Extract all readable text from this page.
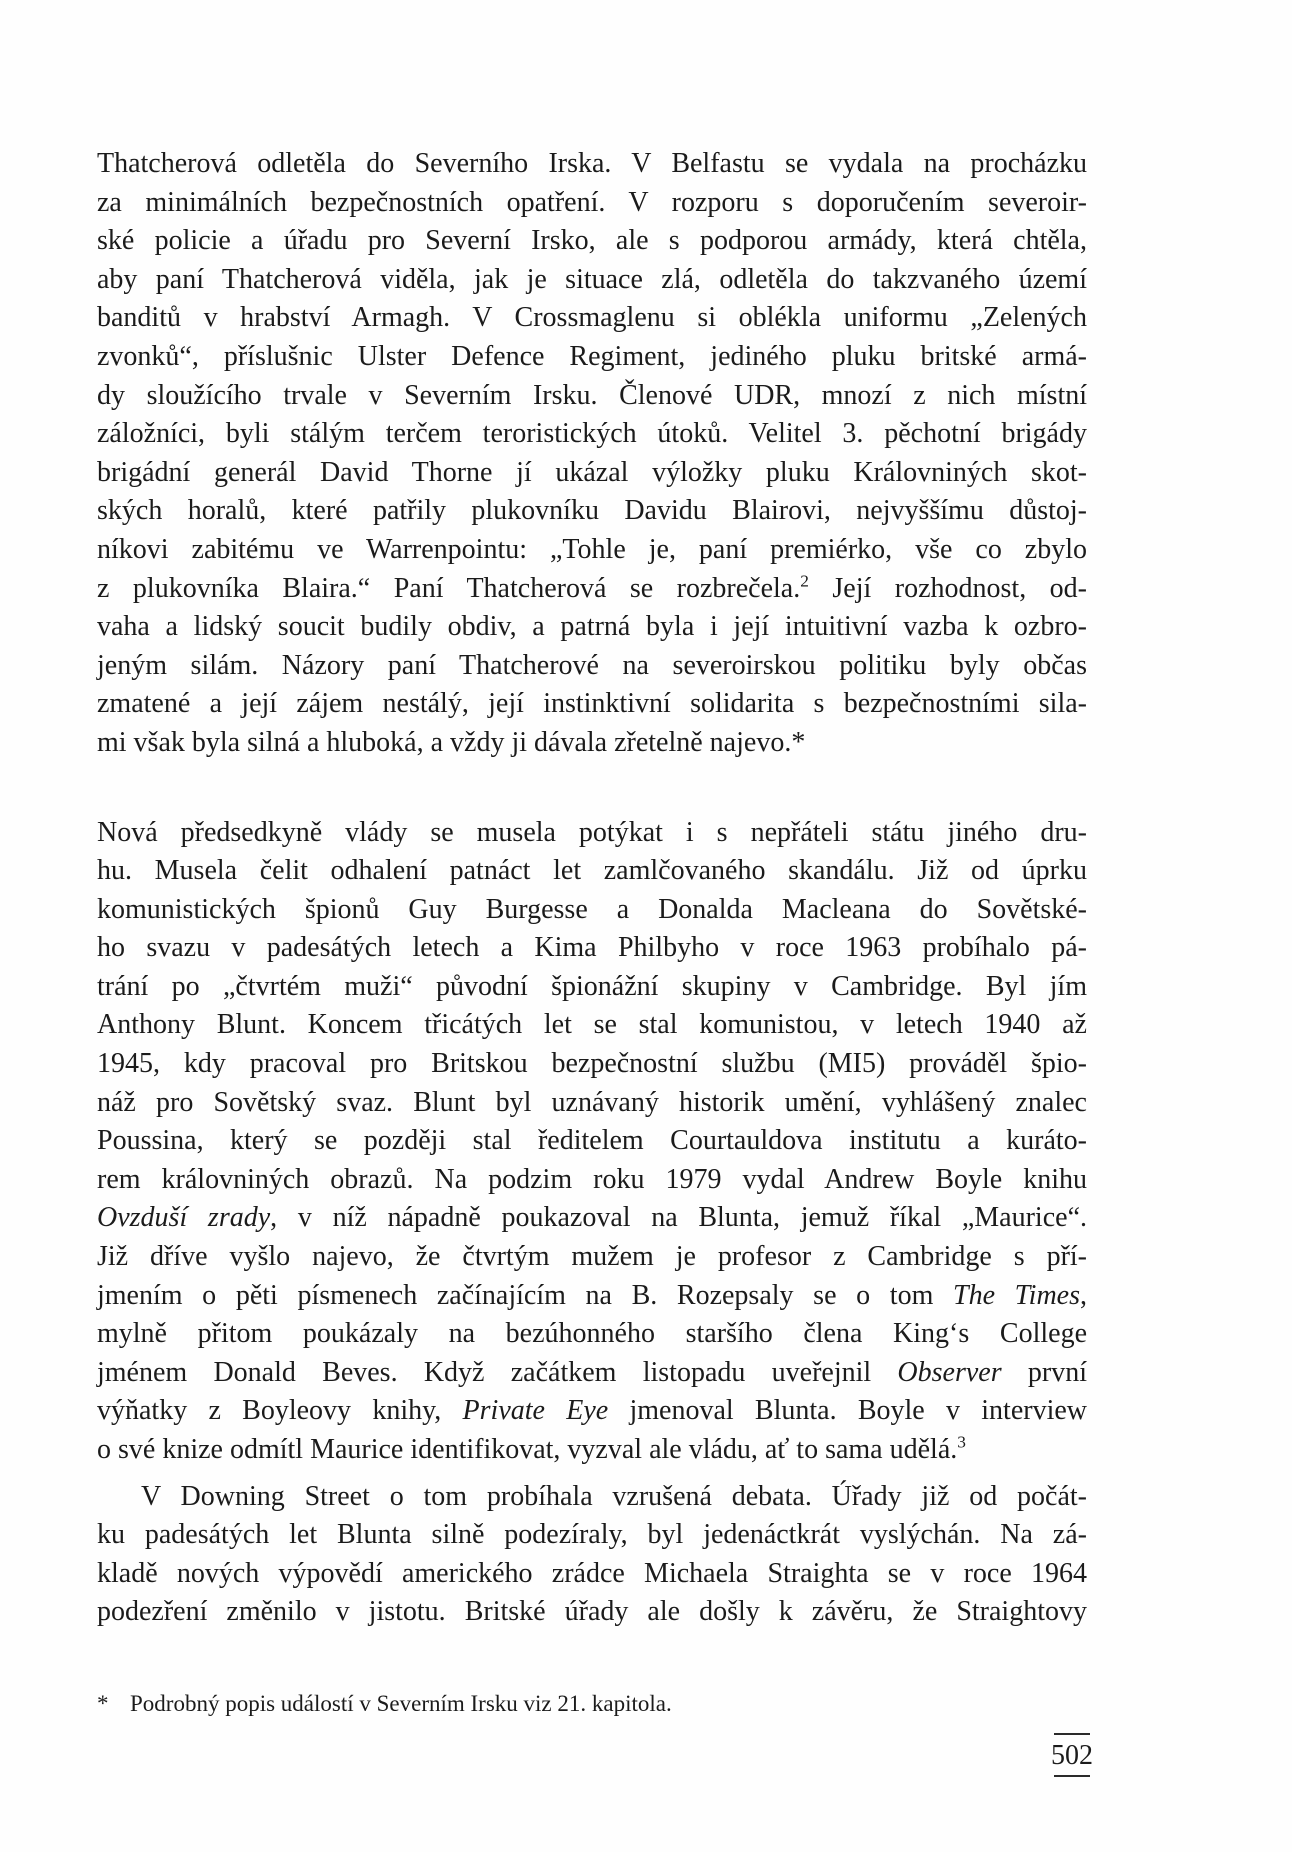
Thatcherová odletěla do Severního Irska. V Belfastu se vydala na procházku
za minimálních bezpečnostních opatření. V rozporu s doporučením severoir-
ské policie a úřadu pro Severní Irsko, ale s podporou armády, která chtěla,
aby paní Thatcherová viděla, jak je situace zlá, odletěla do takzvaného území
banditů v hrabství Armagh. V Crossmaglenu si oblékla uniformu „Zelených
zvonků“, příslušnic Ulster Defence Regiment, jediného pluku britské armá-
dy sloužícího trvale v Severním Irsku. Členové UDR, mnozí z nich místní
záložníci, byli stálým terčem teroristických útoků. Velitel 3. pěchotní brigády
brigádní generál David Thorne jí ukázal výložky pluku Královniných skot-
ských horalů, které patřily plukovníku Davidu Blairovi, nejvyššímu důstoj-
níkovi zabitému ve Warrenpointu: „Tohle je, paní premiérko, vše co zbylo
z plukovníka Blaira.“ Paní Thatcherová se rozbrečela.$^2$ Její rozhodnost, od-
vaha a lidský soucit budily obdiv, a patrná byla i její intuitivní vazba k ozbro-
jeným silám. Názory paní Thatcherové na severoirskou politiku byly občas
zmatené a její zájem nestálý, její instinktivní solidarita s bezpečnostními sila-
mi však byla silná a hluboká, a vždy ji dávala zřetelně najevo.*
Nová předsedkyně vlády se musela potýkat i s nepřáteli státu jiného dru-
hu. Musela čelit odhalení patnáct let zamlčovaného skandálu. Již od úprku
komunistických špionů Guy Burgesse a Donalda Macleana do Sovětské-
ho svazu v padesátých letech a Kima Philbyho v roce 1963 probíhalo pá-
trání po „čtvrtém muži“ původní špionážní skupiny v Cambridge. Byl jím
Anthony Blunt. Koncem třicátých let se stal komunistou, v letech 1940 až
1945, kdy pracoval pro Britskou bezpečnostní službu (MI5) prováděl špio-
náž pro Sovětský svaz. Blunt byl uznávaný historik umění, vyhlášený znalec
Poussina, který se později stal ředitelem Courtauldova institutu a kuráto-
rem královniných obrazů. Na podzim roku 1979 vydal Andrew Boyle knihu
Ovzduší zrady, v níž nápadně poukazoval na Blunta, jemuž říkal „Maurice“.
Již dříve vyšlo najevo, že čtvrtým mužem je profesor z Cambridge s pří-
jmením o pěti písmenech začínajícím na B. Rozepsaly se o tom The Times,
mylně přitom poukázaly na bezúhonného staršího člena King‘s College
jménem Donald Beves. Když začátkem listopadu uveřejnil Observer první
výňatky z Boyleovy knihy, Private Eye jmenoval Blunta. Boyle v interview
o své knize odmítl Maurice identifikovat, vyzval ale vládu, ať to sama udělá.$^3$
V Downing Street o tom probíhala vzrušená debata. Úřady již od počát-
ku padesátých let Blunta silně podezíraly, byl jedenáctkrát vyslýchán. Na zá-
kladě nových výpovědí amerického zrádce Michaela Straighta se v roce 1964
podezření změnilo v jistotu. Britské úřady ale došly k závěru, že Straightovy
* Podrobný popis událostí v Severním Irsku viz 21. kapitola.
502
